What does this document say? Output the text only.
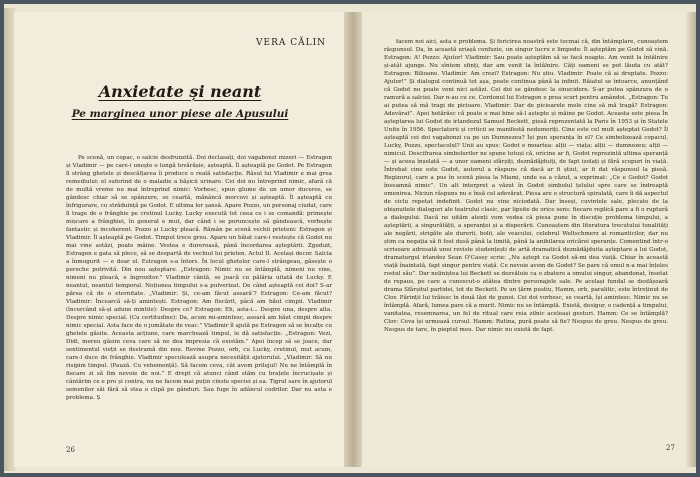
VERA CĂLIN
Anxietate și neant
Pe marginea unor piese ale Apusului
Pe scenă, un copac, o salcie desfrunzită. Doi declasați, doi vagabonzi mizeri — Estragon și Vladimir — pe care-i unește o lungă tovărășie, așteaptă. Îl așteaptă pe Godot. Pe Estragon îl strâng ghetele și descălțarea îi produce o reală satisfacție. Râsul lui Vladimir e mai grea remediului: el suferind de o maladie a bășicii urinare. Cei doi nu întreprind nimic, afară că de multă vreme nu mai întreprind nimic: Vorbesc, spun glume de un umor duceros, se gândesc chiar să se spânzure, se ceartă, mănâncă morcovi și așteaptă. Îl așteaptă cu înfrigurare, cu străduință pe Godot. E ultima lor șansă. Apare Pozzo, un personaj ciudat, care îl trage de o frânghie pe cretinul Lucky. Lucky execută tot ceea ce i se comandă: primește mișcare a frânghiei, în general e mut, dar când i se poruncește să gândească, vorbește fantastic și incoherent. Pozzo și Lucky pleacă. Rămân pe scenă vechii prieteni: Estragon și Vladimir. Îl așteaptă pe Godot. Timpul trece greu. Apare un băiat care-i vestește că Godot nu mai vine astăzi, poate mâine. Vestea e dureroasă, până încordarea așteptării. Zguduit, Estragon e gata să plece, să se despartă de vechiul lui prieten. Actul II. Același decor. Salcia a înmugurit — e doar el. Estragon s-a întors. În locul ghetelor care-l strângeau, găsește o pereche potrivită. Din nou așteptare. „Estragon: Nimic nu se întâmplă, nimeni nu vine, nimeni nu pleacă, e îngrozitor.” Vladimir cântă, se joacă cu pălăria uitată de Lucky. E neantul, neantul temporal. Noțiunea timpului s-a pulverizat. De când așteaptă cei doi? S-ar părea că de o eternitate. „Vladimir: Și, ce-am făcut asearăʼ? Estragon: Ce-am făcut? Vladimir: Încearcă să-ți amintești. Estragon: Am flecărit, păcă am băut cimpii. Vladimir (încercând să-și adune mintile): Despre ce? Estragon: Eh, asta-i... Despre una, despre alta. Despre nimic special. (Cu certitudine): Da, acum mi-amintesc, aseară am băut cimpii despre nimic special. Asta face de o jumătate de veac.” Vladimir îl ajută pe Estragon să se încalțe cu ghetele găsite. Aceasta acțiune, care marchează timpul, le dă satisfacție. „Estragon: Vezi, Didi, mereu găsim ceva care să ne dea impresia că existăm.” Apoi încep să se joace, dar sentimentul vieții se destramă din nou. Revine Pozzo, orb, cu Lucky, cretinul, mut acum, care-l duce de frânghie. Vladimir speculează asupra necesității ajutorului. „Vladimir: Să nu risipim timpul. (Pauză. Cu vehemență). Să facem ceva, cât avem prilejul! Nu ne întâmplă în fiecare zi să fim nevoie de noi.” E drept că atunci când stăm cu brațele încrucișate și cântărim ce e pro și contra, nu ne facem mai puțin cinste speciei și ea. Tigrul sare în ajutorul semenilor săi fără să stea o clipă pe gânduri. Sau fuge în adâncul codrilor. Dar nu asta e problema. Ș
facem noi aici, asta e problema. Și fericirea noastră este tocmai că, din întâmplare, cunoaștem răspunsul. Da, în această uriașă confuzie, un singur lucru e limpede: Îl așteptăm pe Godot să vină. Estragon: A! Pozzo: Ajutor! Vladimir: Sau poate așteptăm să se facă noapte. Am venit la întâlnire și-atât ajunge. Nu sîntem sfinți, dar am venit la întâlnire. Câți oameni se pot lăuda cu atât? Estragon: Bilioane. Vladimir: Am crezi? Estragon: Nu știu. Vladimir: Poate că ai dreptate. Pozzo: Ajutor!” Și dialogul continuă tot așa, poate continua până la infinit. Băiatul se întoarce, anunțând că Godot nu poate veni nici astăzi. Cei doi se gândesc la sinucidere. S-ar putea spânzura de o ramură a salciei. Dar n-au cu ce. Cordonul lui Estragon e prea scurt pentru amândoi. „Estragon: Tu ai putea să mă tragi de picioare. Vladimir: Dar de picioarele mele cine să mă tragă? Estragon: Adevărat”. Apoi hotărăsc că poate e mai bine să-l aștepte și mâine pe Godot. Aceasta este piesa În așteptarea lui Godot de irlandezul Samuel Beckett, piesă reprezentată la Paris în 1953 și în Statele Unite în 1956. Spectatorii și criticii se manifestă nedumeriți. Cine este cel mult așteptat Godot? Îl așteaptă cei doi vagabonzi ca pe un Dumnezeu? Își pun speranța în el? Ce simbolizează copacul, Lucky, Pozzo, spectacolul? Unii au spus: Godot e moartea: alții — viața; alții — dumnezeu; alții — nimicul. Descifrarea simbolurilor ne spune totuși că, oricine ar fi, Godot reprezintă ultima speranță — și aceea înșelată — a unor oameni sfârșiți, deznădăjduiți, de fapt izolați și fără scopuri în viață. Întrebat cine este Godot, autorul a răspuns că dacă ar fi știut, ar fi dat răspunsul la piesă. Regizorul, care a pus în scenă piesa la Miami, unde ea a căzut, a exprimat: „Ce e Godot? Godot înseamnă nimic”. Un alt interpret a văzut în Godot simbolul țelului spre care se îndreaptă omenirea. Niciun răspuns nu e însă cel adevărat. Piesa are o structură spiralată, care îi dă aspectul de ciclu repetat indefinit. Godot nu vine niciodată. Dar înseși, cuvintele sale, plecate de la obișnuitele dialoguri ale teatrului clasic, par lipsite de orice sens: fiecare replică pare a fi o ruptură a dialogului. Dacă ne uităm atenți vom vedea că piesa pune în discuție problema timpului, a așteptării, a singurătății, a speranței și a disperării. Cunoaștem din literatura trecutului tonalități ale negării, strigăte ale durerii, bolii, ale veacului, celebrul Weltschmerz al romanticilor, dar nu știm ca negația să fi fost dusă până la limită, până la anihilarea oricărei speranțe. Comentind într-o scrisoare adresată unei reviste studențești de artă dramatică deznădăjduita așteptare a lui Godot, dramaturgul irlandez Sean O'Casey scrie: „Nu aștept ca Godot să-mi dea viață. Chiar în această viață înaintată, fapt singur pentru viață. Ce nevoie avem de Godot? Se pare că omul n-a mai înțeles rostul său”. Dar neliniștea lui Beckett se dezvăluie ca o zbatere a omului singur, abandonat, însetat de repaus, pe care a cunoscut-o atâtea dintre personajele sale. Pe același fundal se desfășoară drama Sfârșitul partidei, tot de Beckett. Pe un țărm pustiu, Hamm, orb, paralitic, este întreținut de Clov. Părinții lui trăiesc în două lăzi de gunoi. Cei doi vorbesc, se ceartă, își amintesc. Nimic nu se întâmplă. Afară, lumea pare că a murit. Nimic nu se întâmplă. Există, desigur, o cadență a timpului, vanitatea, resemnarea, un fel de ritual care reia zilnic aceleași gesturi. Hamm: Ce se întâmplă? Clov: Ceva își urmează cursul. Hamm: Rutina, pură poate să fie? Nespus de greu. Nespus de greu. Nespus de tare, în pieptul meu. Dar nimic nu există de fapt.
26	27
